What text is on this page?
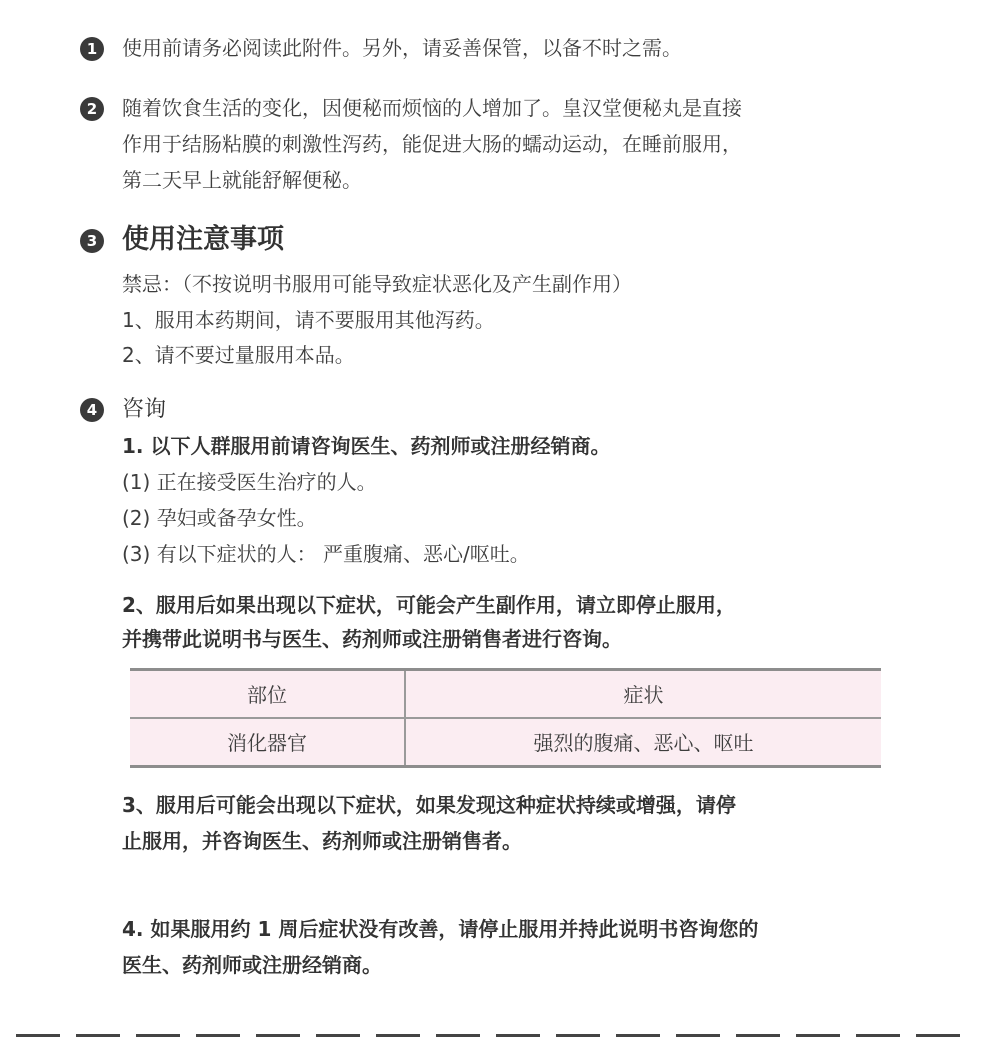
1	使用前请务必阅读此附件。另外，请妥善保管，以备不时之需。
2	随着饮食生活的变化，因便秘而烦恼的人增加了。皇汉堂便秘丸是直接
作用于结肠粘膜的刺激性泻药，能促进大肠的蠕动运动，在睡前服用，
第二天早上就能舒解便秘。
3 使用注意事项
禁忌：（不按说明书服用可能导致症状恶化及产生副作用）
1、服用本药期间，请不要服用其他泻药。
2、请不要过量服用本品。
4	咨询
1. 以下人群服用前请咨询医生、药剂师或注册经销商。
(1) 正在接受医生治疗的人。
(2) 孕妇或备孕女性。
(3) 有以下症状的人： 严重腹痛、恶心/呕吐。
2、服用后如果出现以下症状，可能会产生副作用，请立即停止服用，
并携带此说明书与医生、药剂师或注册销售者进行咨询。
部位	症状
消化器官	强烈的腹痛、恶心、呕吐
3、服用后可能会出现以下症状，如果发现这种症状持续或增强，请停
止服用，并咨询医生、药剂师或注册销售者。
4. 如果服用约 1 周后症状没有改善，请停止服用并持此说明书咨询您的
医生、药剂师或注册经销商。
